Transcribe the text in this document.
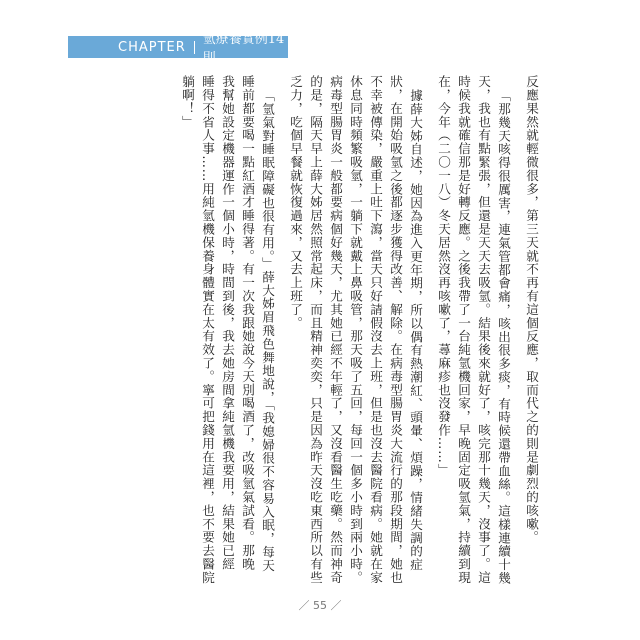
CHAPTER 氫療養實例14則
反應果然就輕微很多，第三天就不再有這個反應，取而代之的則是劇烈的咳嗽。
「那幾天咳得很厲害，連氣管都會痛，咳出很多痰，有時候還帶血絲。這樣連續十幾
天，我也有點緊張，但還是天天去吸氫。結果後來就好了，咳完那十幾天，沒事了。這
時候我就確信那是好轉反應。之後我帶了一台純氫機回家，早晚固定吸氫氣，持續到現
在，今年（二〇一八）冬天居然沒再咳嗽了，蕁麻疹也沒發作……」
據薛大姊自述，她因為進入更年期，所以偶有熱潮紅、頭暈、煩躁，情緒失調的症
狀，在開始吸氫之後都逐步獲得改善、解除。在病毒型腸胃炎大流行的那段期間，她也
不幸被傳染，嚴重上吐下瀉，當天只好請假沒去上班，但是也沒去醫院看病。她就在家
休息同時頻繁吸氫，一躺下就戴上鼻吸管，那天吸了五回，每回一個多小時到兩小時。
病毒型腸胃炎一般都要病個好幾天，尤其她已經不年輕了，又沒看醫生吃藥。然而神奇
的是，隔天早上薛大姊居然照常起床，而且精神奕奕，只是因為昨天沒吃東西所以有些
乏力，吃個早餐就恢復過來，又去上班了。
「氫氣對睡眠障礙也很有用。」薛大姊眉飛色舞地說，「我媳婦很不容易入眠，每天
睡前都要喝一點紅酒才睡得著。有一次我跟她說今天別喝酒了，改吸氫氣試看。那晚
我幫她設定機器運作一個小時，時間到後，我去她房間拿純氫機我要用，結果她已經
睡得不省人事……用純氫機保養身體實在太有效了。寧可把錢用在這裡，也不要去醫院
躺啊！」
／ 55 ／
